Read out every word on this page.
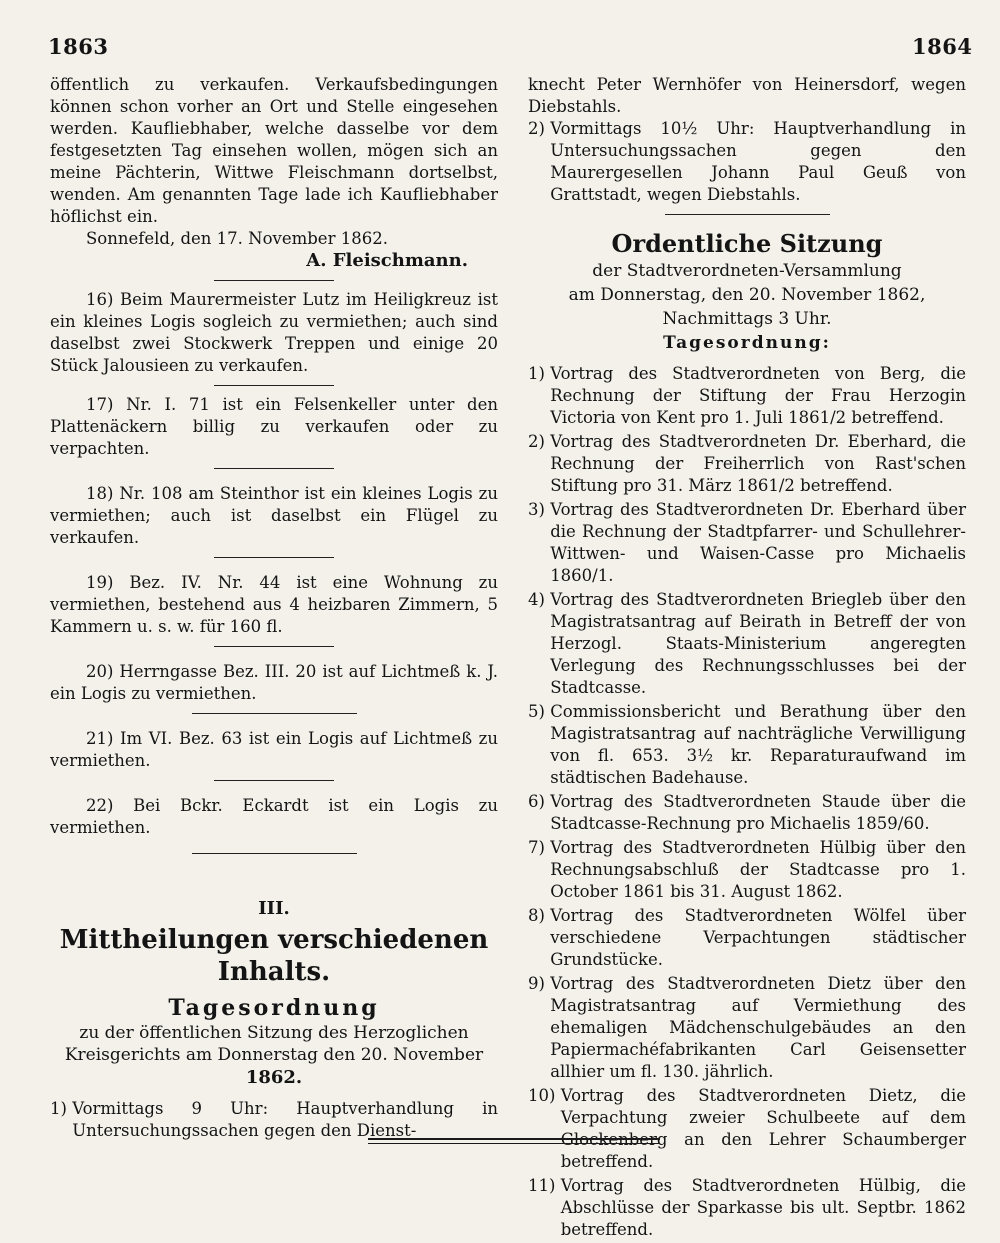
1863	1864

öffentlich zu verkaufen. Verkaufsbedingungen können schon vorher an Ort und Stelle eingesehen werden. Kaufliebhaber, welche dasselbe vor dem festgesetzten Tag einsehen wollen, mögen sich an meine Pächterin, Wittwe Fleischmann dortselbst, wenden. Am genannten Tage lade ich Kaufliebhaber höflichst ein.

Sonnefeld, den 17. November 1862.

A. Fleischmann.

16) Beim Maurermeister Lutz im Heiligkreuz ist ein kleines Logis sogleich zu vermiethen; auch sind daselbst zwei Stockwerk Treppen und einige 20 Stück Jalousieen zu verkaufen.

17) Nr. I. 71 ist ein Felsenkeller unter den Plattenäckern billig zu verkaufen oder zu verpachten.

18) Nr. 108 am Steinthor ist ein kleines Logis zu vermiethen; auch ist daselbst ein Flügel zu verkaufen.

19) Bez. IV. Nr. 44 ist eine Wohnung zu vermiethen, bestehend aus 4 heizbaren Zimmern, 5 Kammern u. s. w. für 160 fl.

20) Herrngasse Bez. III. 20 ist auf Lichtmeß k. J. ein Logis zu vermiethen.

21) Im VI. Bez. 63 ist ein Logis auf Lichtmeß zu vermiethen.

22) Bei Bckr. Eckardt ist ein Logis zu vermiethen.

III.
Mittheilungen verschiedenen Inhalts.
Tagesordnung
zu der öffentlichen Sitzung des Herzoglichen
Kreisgerichts am Donnerstag den 20. November
1862.
1) Vormittags 9 Uhr: Hauptverhandlung in Untersuchungssachen gegen den Dienst-

knecht Peter Wernhöfer von Heinersdorf, wegen Diebstahls.

2) Vormittags 10½ Uhr: Hauptverhandlung in Untersuchungssachen gegen den Maurergesellen Johann Paul Geuß von Grattstadt, wegen Diebstahls.
Ordentliche Sitzung
der Stadtverordneten-Versammlung
am Donnerstag, den 20. November 1862,
Nachmittags 3 Uhr.
Tagesordnung:
1) Vortrag des Stadtverordneten von Berg, die Rechnung der Stiftung der Frau Herzogin Victoria von Kent pro 1. Juli 1861/2 betreffend.
2) Vortrag des Stadtverordneten Dr. Eberhard, die Rechnung der Freiherrlich von Rast'schen Stiftung pro 31. März 1861/2 betreffend.
3) Vortrag des Stadtverordneten Dr. Eberhard über die Rechnung der Stadtpfarrer- und Schullehrer-Wittwen- und Waisen-Casse pro Michaelis 1860/1.
4) Vortrag des Stadtverordneten Briegleb über den Magistratsantrag auf Beirath in Betreff der von Herzogl. Staats-Ministerium angeregten Verlegung des Rechnungsschlusses bei der Stadtcasse.
5) Commissionsbericht und Berathung über den Magistratsantrag auf nachträgliche Verwilligung von fl. 653. 3½ kr. Reparaturaufwand im städtischen Badehause.
6) Vortrag des Stadtverordneten Staude über die Stadtcasse-Rechnung pro Michaelis 1859/60.
7) Vortrag des Stadtverordneten Hülbig über den Rechnungsabschluß der Stadtcasse pro 1. October 1861 bis 31. August 1862.
8) Vortrag des Stadtverordneten Wölfel über verschiedene Verpachtungen städtischer Grundstücke.
9) Vortrag des Stadtverordneten Dietz über den Magistratsantrag auf Vermiethung des ehemaligen Mädchenschulgebäudes an den Papiermachéfabrikanten Carl Geisensetter allhier um fl. 130. jährlich.
10) Vortrag des Stadtverordneten Dietz, die Verpachtung zweier Schulbeete auf dem Glockenberg an den Lehrer Schaumberger betreffend.
11) Vortrag des Stadtverordneten Hülbig, die Abschlüsse der Sparkasse bis ult. Septbr. 1862 betreffend.
